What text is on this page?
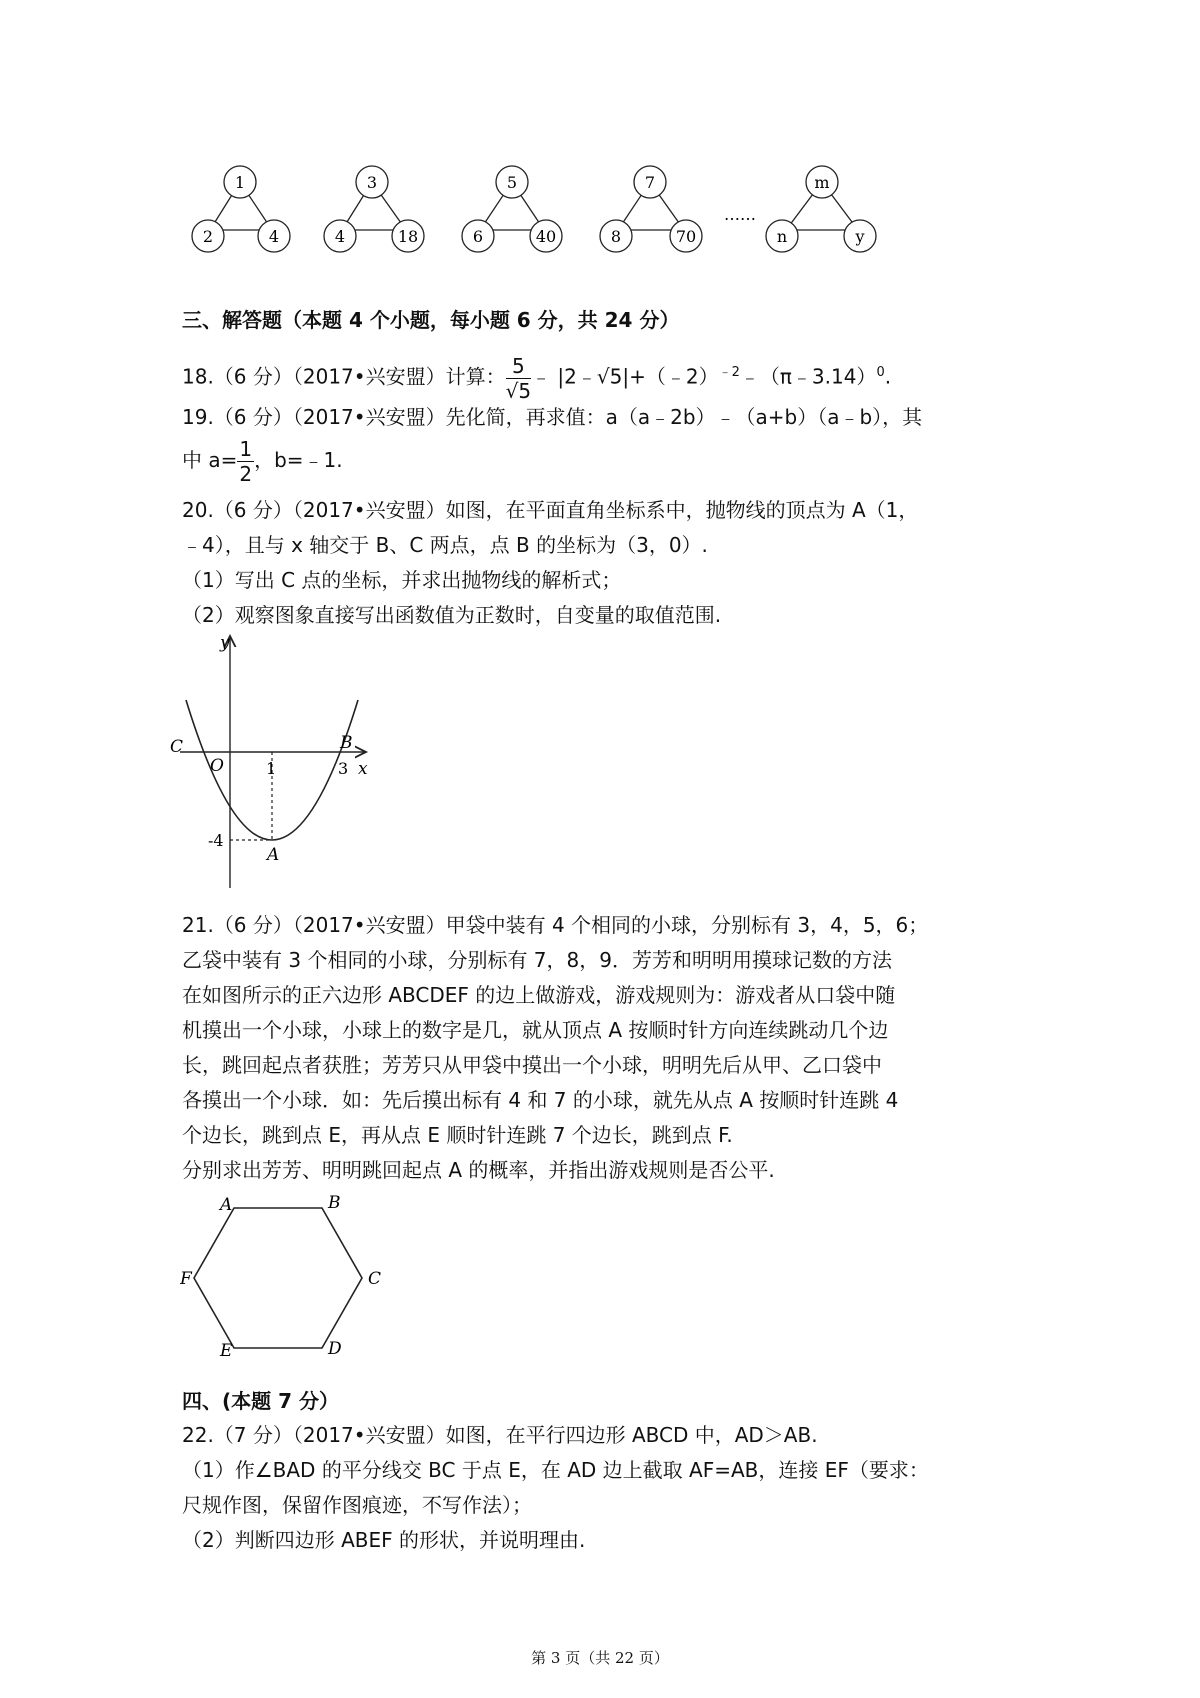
1
2	4
3
4	18
5
6	40
7
8	70
……
m
n	y
三、解答题（本题 4 个小题，每小题 6 分，共 24 分）
18.（6 分）（2017•兴安盟）计算： $\frac{5}{√5}$ ﹣ |2﹣√5|+（﹣2）$^{﹣2}$﹣（π﹣3.14）$^0$.
19.（6 分）（2017•兴安盟）先化简，再求值：a（a﹣2b）﹣（a+b）（a﹣b），其
中 $a= \frac{1}{2}$ ，b=﹣1.
20.（6 分）（2017•兴安盟）如图，在平面直角坐标系中，抛物线的顶点为 A（1，
﹣4），且与 x 轴交于 B、C 两点，点 B 的坐标为（3，0）.
（1）写出 C 点的坐标，并求出抛物线的解析式；
（2）观察图象直接写出函数值为正数时，自变量的取值范围.
y
x
O
C	B
1	3
-4
A
21.（6 分）（2017•兴安盟）甲袋中装有 4 个相同的小球，分别标有 3，4，5，6；
乙袋中装有 3 个相同的小球，分别标有 7，8，9．芳芳和明明用摸球记数的方法
在如图所示的正六边形 ABCDEF 的边上做游戏，游戏规则为：游戏者从口袋中随
机摸出一个小球，小球上的数字是几，就从顶点 A 按顺时针方向连续跳动几个边
长，跳回起点者获胜；芳芳只从甲袋中摸出一个小球，明明先后从甲、乙口袋中
各摸出一个小球．如：先后摸出标有 4 和 7 的小球，就先从点 A 按顺时针连跳 4
个边长，跳到点 E，再从点 E 顺时针连跳 7 个边长，跳到点 F.
分别求出芳芳、明明跳回起点 A 的概率，并指出游戏规则是否公平.
A	B
C
D
E
F
四、(本题 7 分）
22.（7 分）（2017•兴安盟）如图，在平行四边形 ABCD 中，AD＞AB.
（1）作∠BAD 的平分线交 BC 于点 E，在 AD 边上截取 AF=AB，连接 EF（要求：
尺规作图，保留作图痕迹，不写作法）；
（2）判断四边形 ABEF 的形状，并说明理由.
第 3 页（共 22 页）
